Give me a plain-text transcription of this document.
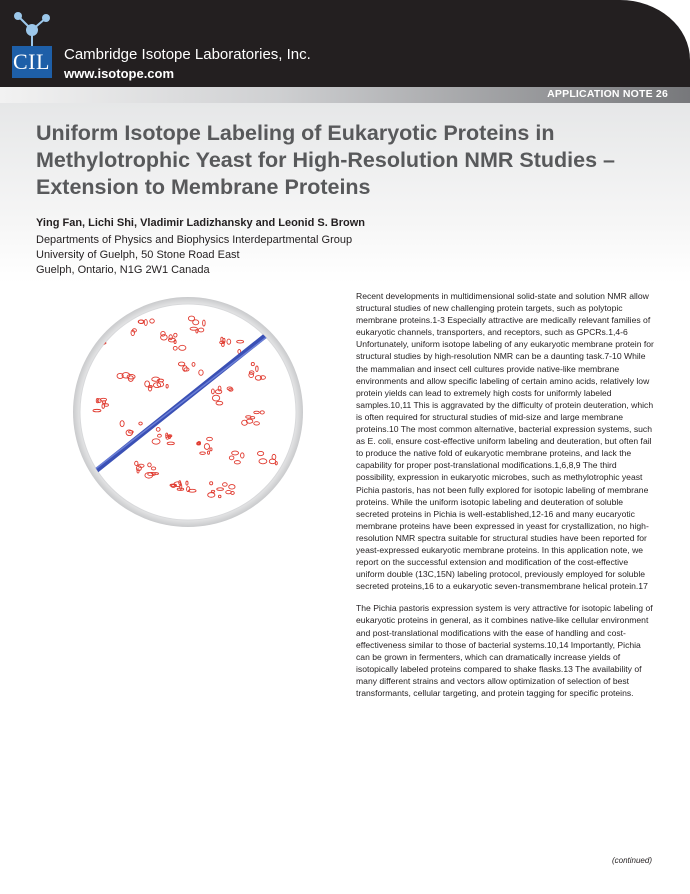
CIL Cambridge Isotope Laboratories, Inc.
www.isotope.com
APPLICATION NOTE 26
Uniform Isotope Labeling of Eukaryotic Proteins in Methylotrophic Yeast for High-Resolution NMR Studies – Extension to Membrane Proteins
Ying Fan, Lichi Shi, Vladimir Ladizhansky and Leonid S. Brown
Departments of Physics and Biophysics Interdepartmental Group
University of Guelph, 50 Stone Road East
Guelph, Ontario, N1G 2W1 Canada

Recent developments in multidimensional solid-state and solution NMR allow structural studies of new challenging protein targets, such as polytopic membrane proteins.1-3 Especially attractive are medically relevant families of eukaryotic channels, transporters, and receptors, such as GPCRs.1,4-6 Unfortunately, uniform isotope labeling of any eukaryotic membrane protein for structural studies by high-resolution NMR can be a daunting task.7-10 While the mammalian and insect cell cultures provide native-like membrane environments and allow specific labeling of certain amino acids, relatively low protein yields can lead to extremely high costs for uniformly labeled samples.10,11 This is aggravated by the difficulty of protein deuteration, which is often required for structural studies of mid-size and large membrane proteins.10 The most common alternative, bacterial expression systems, such as E. coli, ensure cost-effective uniform labeling and deuteration, but often fail to produce the native fold of eukaryotic membrane proteins, and lack the capability for proper post-translational modifications.1,6,8,9 The third possibility, expression in eukaryotic microbes, such as methylotrophic yeast Pichia pastoris, has not been fully explored for isotopic labeling of membrane proteins. While the uniform isotopic labeling and deuteration of soluble secreted proteins in Pichia is well-established,12-16 and many eucaryotic membrane proteins have been expressed in yeast for crystallization, no high-resolution NMR spectra suitable for structural studies have been reported for yeast-expressed eukaryotic membrane proteins. In this application note, we report on the successful extension and modification of the cost-effective uniform double (13C,15N) labeling protocol, previously employed for soluble secreted proteins,16 to a eukaryotic seven-transmembrane helical protein.17

The Pichia pastoris expression system is very attractive for isotopic labeling of eukaryotic proteins in general, as it combines native-like cellular environment and post-translational modifications with the ease of handling and cost-effectiveness similar to those of bacterial systems.10,14 Importantly, Pichia can be grown in fermenters, which can dramatically increase yields of isotopically labeled proteins compared to shake flasks.13 The availability of many different strains and vectors allow optimization of selection of best transformants, cellular targeting, and protein tagging for specific proteins.

(continued)
